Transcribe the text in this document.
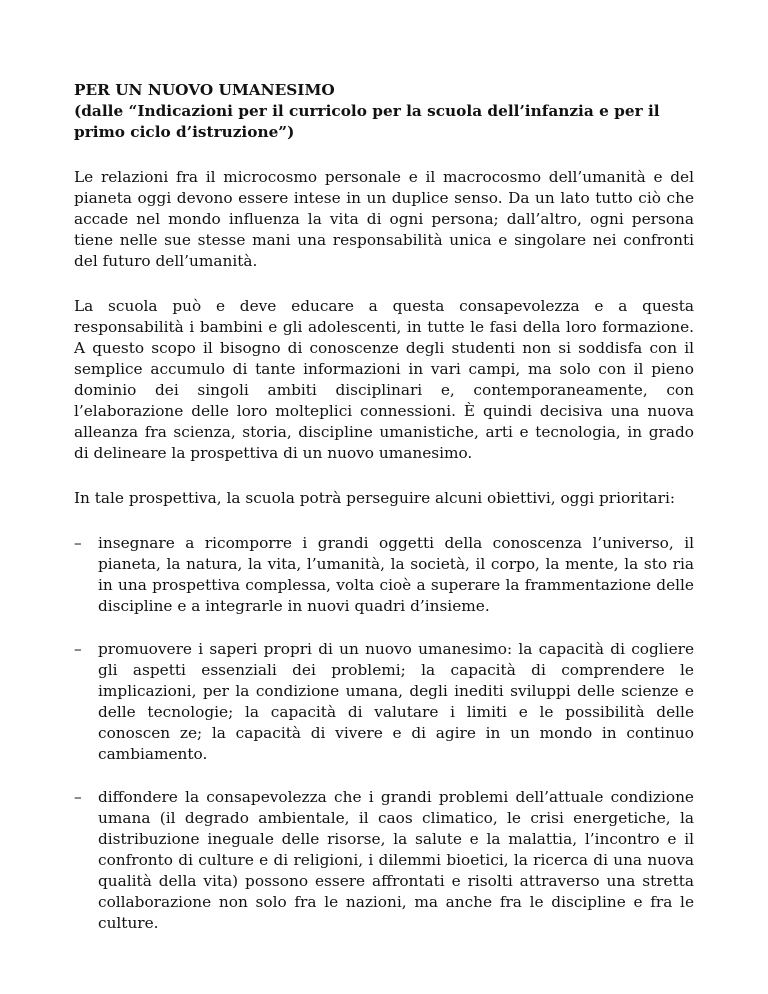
PER UN NUOVO UMANESIMO
(dalle “Indicazioni per il curricolo per la scuola dell’infanzia e per il primo ciclo d’istruzione”)

Le relazioni fra il microcosmo personale e il macrocosmo dell’umanità e del pianeta oggi devono essere intese in un duplice senso. Da un lato tutto ciò che accade nel mondo influenza la vita di ogni persona; dall’altro, ogni persona tiene nelle sue stesse mani una responsabilità unica e singolare nei confronti del futuro dell’umanità.

La scuola può e deve educare a questa consapevolezza e a questa responsabilità i bambini e gli adolescenti, in tutte le fasi della loro formazione. A questo scopo il bisogno di conoscenze degli studenti non si soddisfa con il semplice accumulo di tante informazioni in vari campi, ma solo con il pieno dominio dei singoli ambiti disciplinari e, contemporaneamente, con l’elaborazione delle loro molteplici connessioni. È quindi decisiva una nuova alleanza fra scienza, storia, discipline umanistiche, arti e tecnologia, in grado di delineare la prospettiva di un nuovo umanesimo.

In tale prospettiva, la scuola potrà perseguire alcuni obiettivi, oggi prioritari:

– insegnare a ricomporre i grandi oggetti della conoscenza l’universo, il pianeta, la natura, la vita, l’umanità, la società, il corpo, la mente, la sto ria in una prospettiva complessa, volta cioè a superare la frammentazione delle discipline e a integrarle in nuovi quadri d’insieme.
– promuovere i saperi propri di un nuovo umanesimo: la capacità di cogliere gli aspetti essenziali dei problemi; la capacità di comprendere le implicazioni, per la condizione umana, degli inediti sviluppi delle scienze e delle tecnologie; la capacità di valutare i limiti e le possibilità delle conoscen ze; la capacità di vivere e di agire in un mondo in continuo cambiamento.
– diffondere la consapevolezza che i grandi problemi dell’attuale condizione umana (il degrado ambientale, il caos climatico, le crisi energetiche, la distribuzione ineguale delle risorse, la salute e la malattia, l’incontro e il confronto di culture e di religioni, i dilemmi bioetici, la ricerca di una nuova qualità della vita) possono essere affrontati e risolti attraverso una stretta collaborazione non solo fra le nazioni, ma anche fra le discipline e fra le culture.
